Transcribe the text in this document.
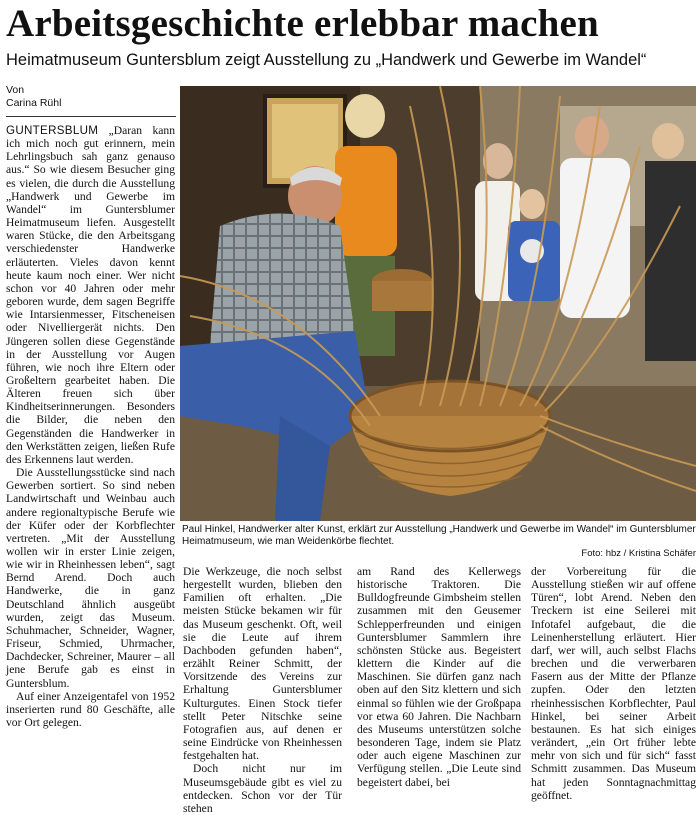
Arbeitsgeschichte erlebbar machen
Heimatmuseum Guntersblum zeigt Ausstellung zu „Handwerk und Gewerbe im Wandel“
Von
Carina Rühl

GUNTERSBLUM „Daran kann ich mich noch gut erinnern, mein Lehrlingsbuch sah ganz genauso aus.“ So wie diesem Besucher ging es vielen, die durch die Ausstellung „Handwerk und Gewerbe im Wandel“ im Guntersblumer Heimatmuseum liefen. Ausgestellt waren Stücke, die den Arbeitsgang verschiedenster Handwerke erläuterten. Vieles davon kennt heute kaum noch einer. Wer nicht schon vor 40 Jahren oder mehr geboren wurde, dem sagen Begriffe wie Intarsienmesser, Fitscheneisen oder Nivelliergerät nichts. Den Jüngeren sollen diese Gegenstände in der Ausstellung vor Augen führen, wie noch ihre Eltern oder Großeltern gearbeitet haben. Die Älteren freuen sich über Kindheitserinnerungen. Besonders die Bilder, die neben den Gegenständen die Handwerker in den Werkstätten zeigen, ließen Rufe des Erkennens laut werden.

Die Ausstellungsstücke sind nach Gewerben sortiert. So sind neben Landwirtschaft und Weinbau auch andere regionaltypische Berufe wie der Küfer oder der Korbflechter vertreten. „Mit der Ausstellung wollen wir in erster Linie zeigen, wie wir in Rheinhessen leben“, sagt Bernd Arend. Doch auch Handwerke, die in ganz Deutschland ähnlich ausgeübt wurden, zeigt das Museum. Schuhmacher, Schneider, Wagner, Friseur, Schmied, Uhrmacher, Dachdecker, Schreiner, Maurer – all jene Berufe gab es einst in Guntersblum.

Auf einer Anzeigentafel von 1952 inserierten rund 80 Geschäfte, alle vor Ort gelegen.

Paul Hinkel, Handwerker alter Kunst, erklärt zur Ausstellung „Handwerk und Gewerbe im Wandel“ im Guntersblumer Heimatmuseum, wie man Weidenkörbe flechtet.
Foto: hbz / Kristina Schäfer

Die Werkzeuge, die noch selbst hergestellt wurden, blieben den Familien oft erhalten. „Die meisten Stücke bekamen wir für das Museum geschenkt. Oft, weil sie die Leute auf ihrem Dachboden gefunden haben“, erzählt Reiner Schmitt, der Vorsitzende des Vereins zur Erhaltung Guntersblumer Kulturgutes. Einen Stock tiefer stellt Peter Nitschke seine Fotografien aus, auf denen er seine Eindrücke von Rheinhessen festgehalten hat.

Doch nicht nur im Museumsgebäude gibt es viel zu entdecken. Schon vor der Tür stehen

am Rand des Kellerwegs historische Traktoren. Die Bulldogfreunde Gimbsheim stellen zusammen mit den Geusemer Schlepperfreunden und einigen Guntersblumer Sammlern ihre schönsten Stücke aus. Begeistert klettern die Kinder auf die Maschinen. Sie dürfen ganz nach oben auf den Sitz klettern und sich einmal so fühlen wie der Großpapa vor etwa 60 Jahren. Die Nachbarn des Museums unterstützen solche besonderen Tage, indem sie Platz oder auch eigene Maschinen zur Verfügung stellen. „Die Leute sind begeistert dabei, bei

der Vorbereitung für die Ausstellung stießen wir auf offene Türen“, lobt Arend. Neben den Treckern ist eine Seilerei mit Infotafel aufgebaut, die die Leinenherstellung erläutert. Hier darf, wer will, auch selbst Flachs brechen und die verwerbaren Fasern aus der Mitte der Pflanze zupfen. Oder den letzten rheinhessischen Korbflechter, Paul Hinkel, bei seiner Arbeit bestaunen. Es hat sich einiges verändert, „ein Ort früher lebte mehr von sich und für sich“ fasst Schmitt zusammen. Das Museum hat jeden Sonntagnachmittag geöffnet.
